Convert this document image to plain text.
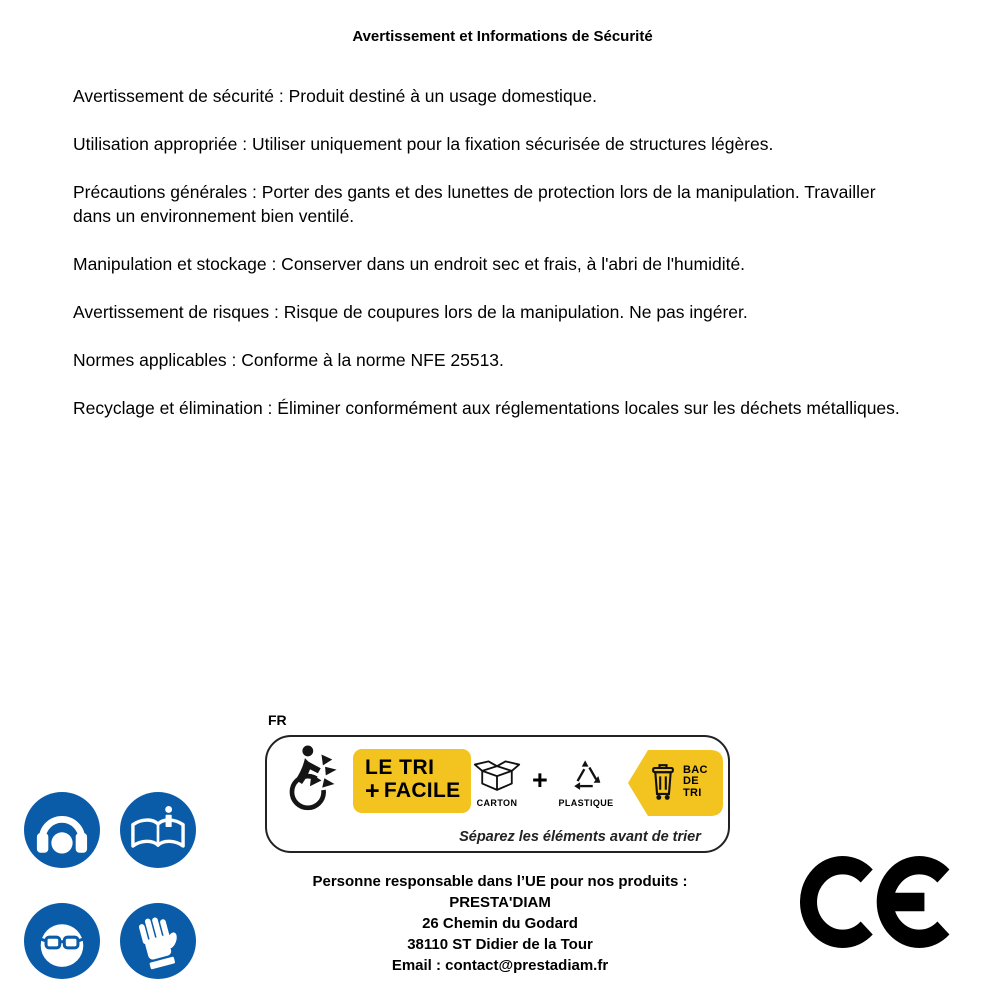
Avertissement et Informations de Sécurité

Avertissement de sécurité : Produit destiné à un usage domestique.

Utilisation appropriée : Utiliser uniquement pour la fixation sécurisée de structures légères.

Précautions générales : Porter des gants et des lunettes de protection lors de la manipulation. Travailler dans un environnement bien ventilé.

Manipulation et stockage : Conserver dans un endroit sec et frais, à l'abri de l'humidité.

Avertissement de risques : Risque de coupures lors de la manipulation. Ne pas ingérer.

Normes applicables : Conforme à la norme NFE 25513.

Recyclage et élimination : Éliminer conformément aux réglementations locales sur les déchets métalliques.

FR
LE TRI
+ FACILE
CARTON
+
PLASTIQUE
BAC
DE
TRI
Séparez les éléments avant de trier
Personne responsable dans l’UE pour nos produits :
PRESTA'DIAM
26 Chemin du Godard
38110 ST Didier de la Tour
Email : contact@prestadiam.fr
